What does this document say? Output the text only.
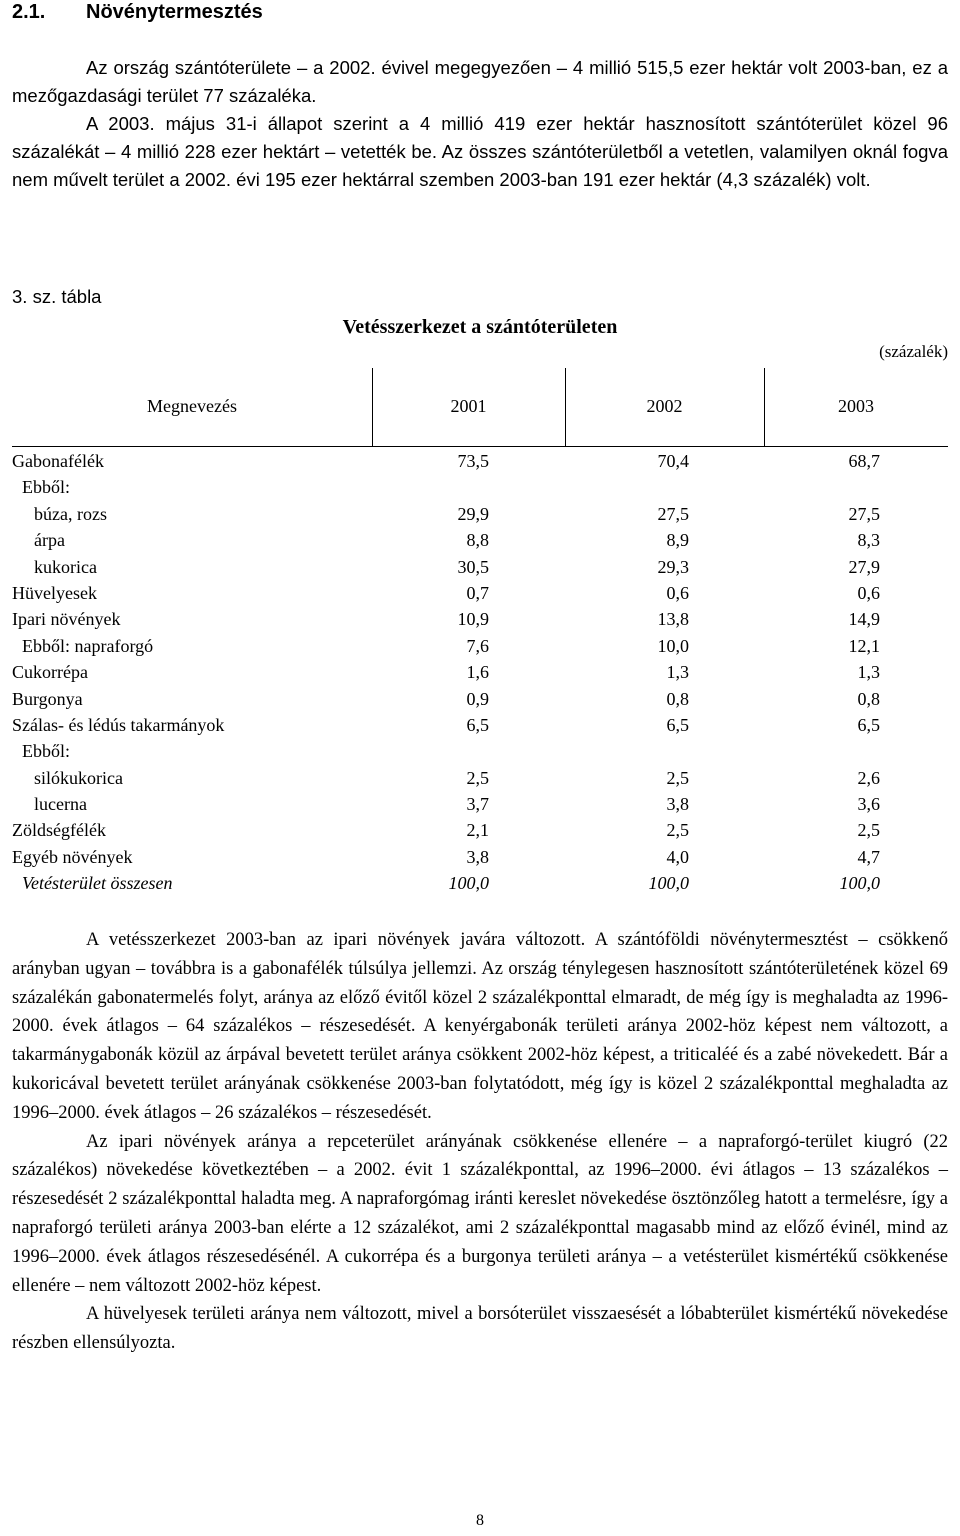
2.1. Növénytermesztés

Az ország szántóterülete – a 2002. évivel megegyezően – 4 millió 515,5 ezer hektár volt 2003-ban, ez a mezőgazdasági terület 77 százaléka.

A 2003. május 31-i állapot szerint a 4 millió 419 ezer hektár hasznosított szántóterület közel 96 százalékát – 4 millió 228 ezer hektárt – vetették be. Az összes szántóterületből a vetetlen, valamilyen oknál fogva nem művelt terület a 2002. évi 195 ezer hektárral szemben 2003-ban 191 ezer hektár (4,3 százalék) volt.

3. sz. tábla
Vetésszerkezet a szántóterületen
(százalék)
Megnevezés	2001	2002	2003
Gabonafélék	73,5	70,4	68,7
Ebből:
búza, rozs	29,9	27,5	27,5
árpa	8,8	8,9	8,3
kukorica	30,5	29,3	27,9
Hüvelyesek	0,7	0,6	0,6
Ipari növények	10,9	13,8	14,9
Ebből: napraforgó	7,6	10,0	12,1
Cukorrépa	1,6	1,3	1,3
Burgonya	0,9	0,8	0,8
Szálas- és lédús takarmányok	6,5	6,5	6,5
Ebből:
silókukorica	2,5	2,5	2,6
lucerna	3,7	3,8	3,6
Zöldségfélék	2,1	2,5	2,5
Egyéb növények	3,8	4,0	4,7
Vetésterület összesen	100,0	100,0	100,0

A vetésszerkezet 2003-ban az ipari növények javára változott. A szántóföldi növénytermesztést – csökkenő arányban ugyan – továbbra is a gabonafélék túlsúlya jellemzi. Az ország ténylegesen hasznosított szántóterületének közel 69 százalékán gabonatermelés folyt, aránya az előző évitől közel 2 százalékponttal elmaradt, de még így is meghaladta az 1996-2000. évek átlagos – 64 százalékos – részesedését. A kenyérgabonák területi aránya 2002-höz képest nem változott, a takarmánygabonák közül az árpával bevetett terület aránya csökkent 2002-höz képest, a triticaléé és a zabé növekedett. Bár a kukoricával bevetett terület arányának csökkenése 2003-ban folytatódott, még így is közel 2 százalékponttal meghaladta az 1996–2000. évek átlagos – 26 százalékos – részesedését.

Az ipari növények aránya a repceterület arányának csökkenése ellenére – a napraforgó-terület kiugró (22 százalékos) növekedése következtében – a 2002. évit 1 százalékponttal, az 1996–2000. évi átlagos – 13 százalékos – részesedését 2 százalékponttal haladta meg. A napraforgómag iránti kereslet növekedése ösztönzőleg hatott a termelésre, így a napraforgó területi aránya 2003-ban elérte a 12 százalékot, ami 2 százalékponttal magasabb mind az előző évinél, mind az 1996–2000. évek átlagos részesedésénél. A cukorrépa és a burgonya területi aránya – a vetésterület kismértékű csökkenése ellenére – nem változott 2002-höz képest.

A hüvelyesek területi aránya nem változott, mivel a borsóterület visszaesését a lóbabterület kismértékű növekedése részben ellensúlyozta.

8
